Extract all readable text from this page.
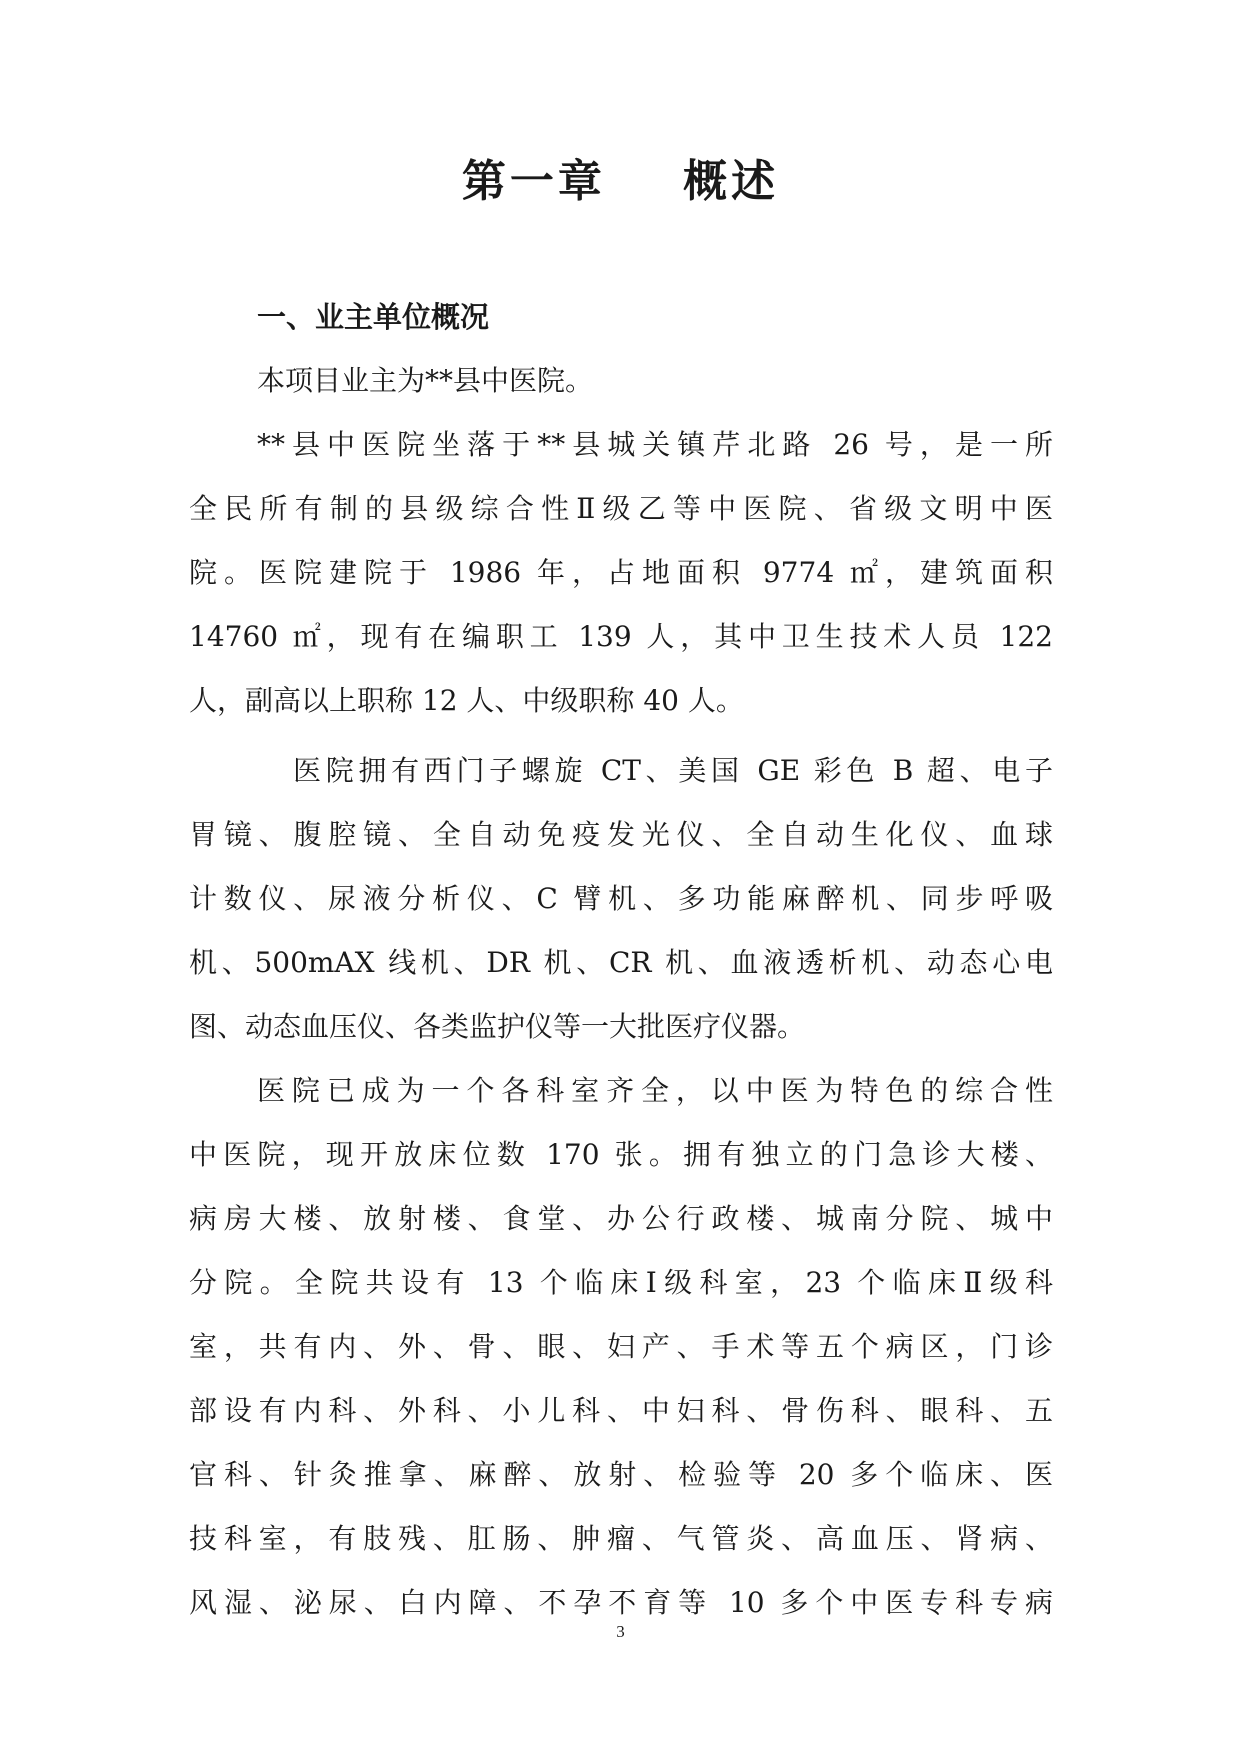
第一章    概述
一、业主单位概况
本项目业主为**县中医院。
**县中医院坐落于**县城关镇芹北路 26 号，是一所
全民所有制的县级综合性Ⅱ级乙等中医院、省级文明中医
院。医院建院于 1986 年，占地面积 9774 ㎡，建筑面积
14760 ㎡，现有在编职工 139 人，其中卫生技术人员 122
人，副高以上职称 12 人、中级职称 40 人。
医院拥有西门子螺旋 CT、美国 GE 彩色 B 超、电子
胃镜、腹腔镜、全自动免疫发光仪、全自动生化仪、血球
计数仪、尿液分析仪、C 臂机、多功能麻醉机、同步呼吸
机、500mAX 线机、DR 机、CR 机、血液透析机、动态心电
图、动态血压仪、各类监护仪等一大批医疗仪器。
医院已成为一个各科室齐全，以中医为特色的综合性
中医院，现开放床位数 170 张。拥有独立的门急诊大楼、
病房大楼、放射楼、食堂、办公行政楼、城南分院、城中
分院。全院共设有 13 个临床Ⅰ级科室，23 个临床Ⅱ级科
室，共有内、外、骨、眼、妇产、手术等五个病区，门诊
部设有内科、外科、小儿科、中妇科、骨伤科、眼科、五
官科、针灸推拿、麻醉、放射、检验等 20 多个临床、医
技科室，有肢残、肛肠、肿瘤、气管炎、高血压、肾病、
风湿、泌尿、白内障、不孕不育等 10 多个中医专科专病
3
